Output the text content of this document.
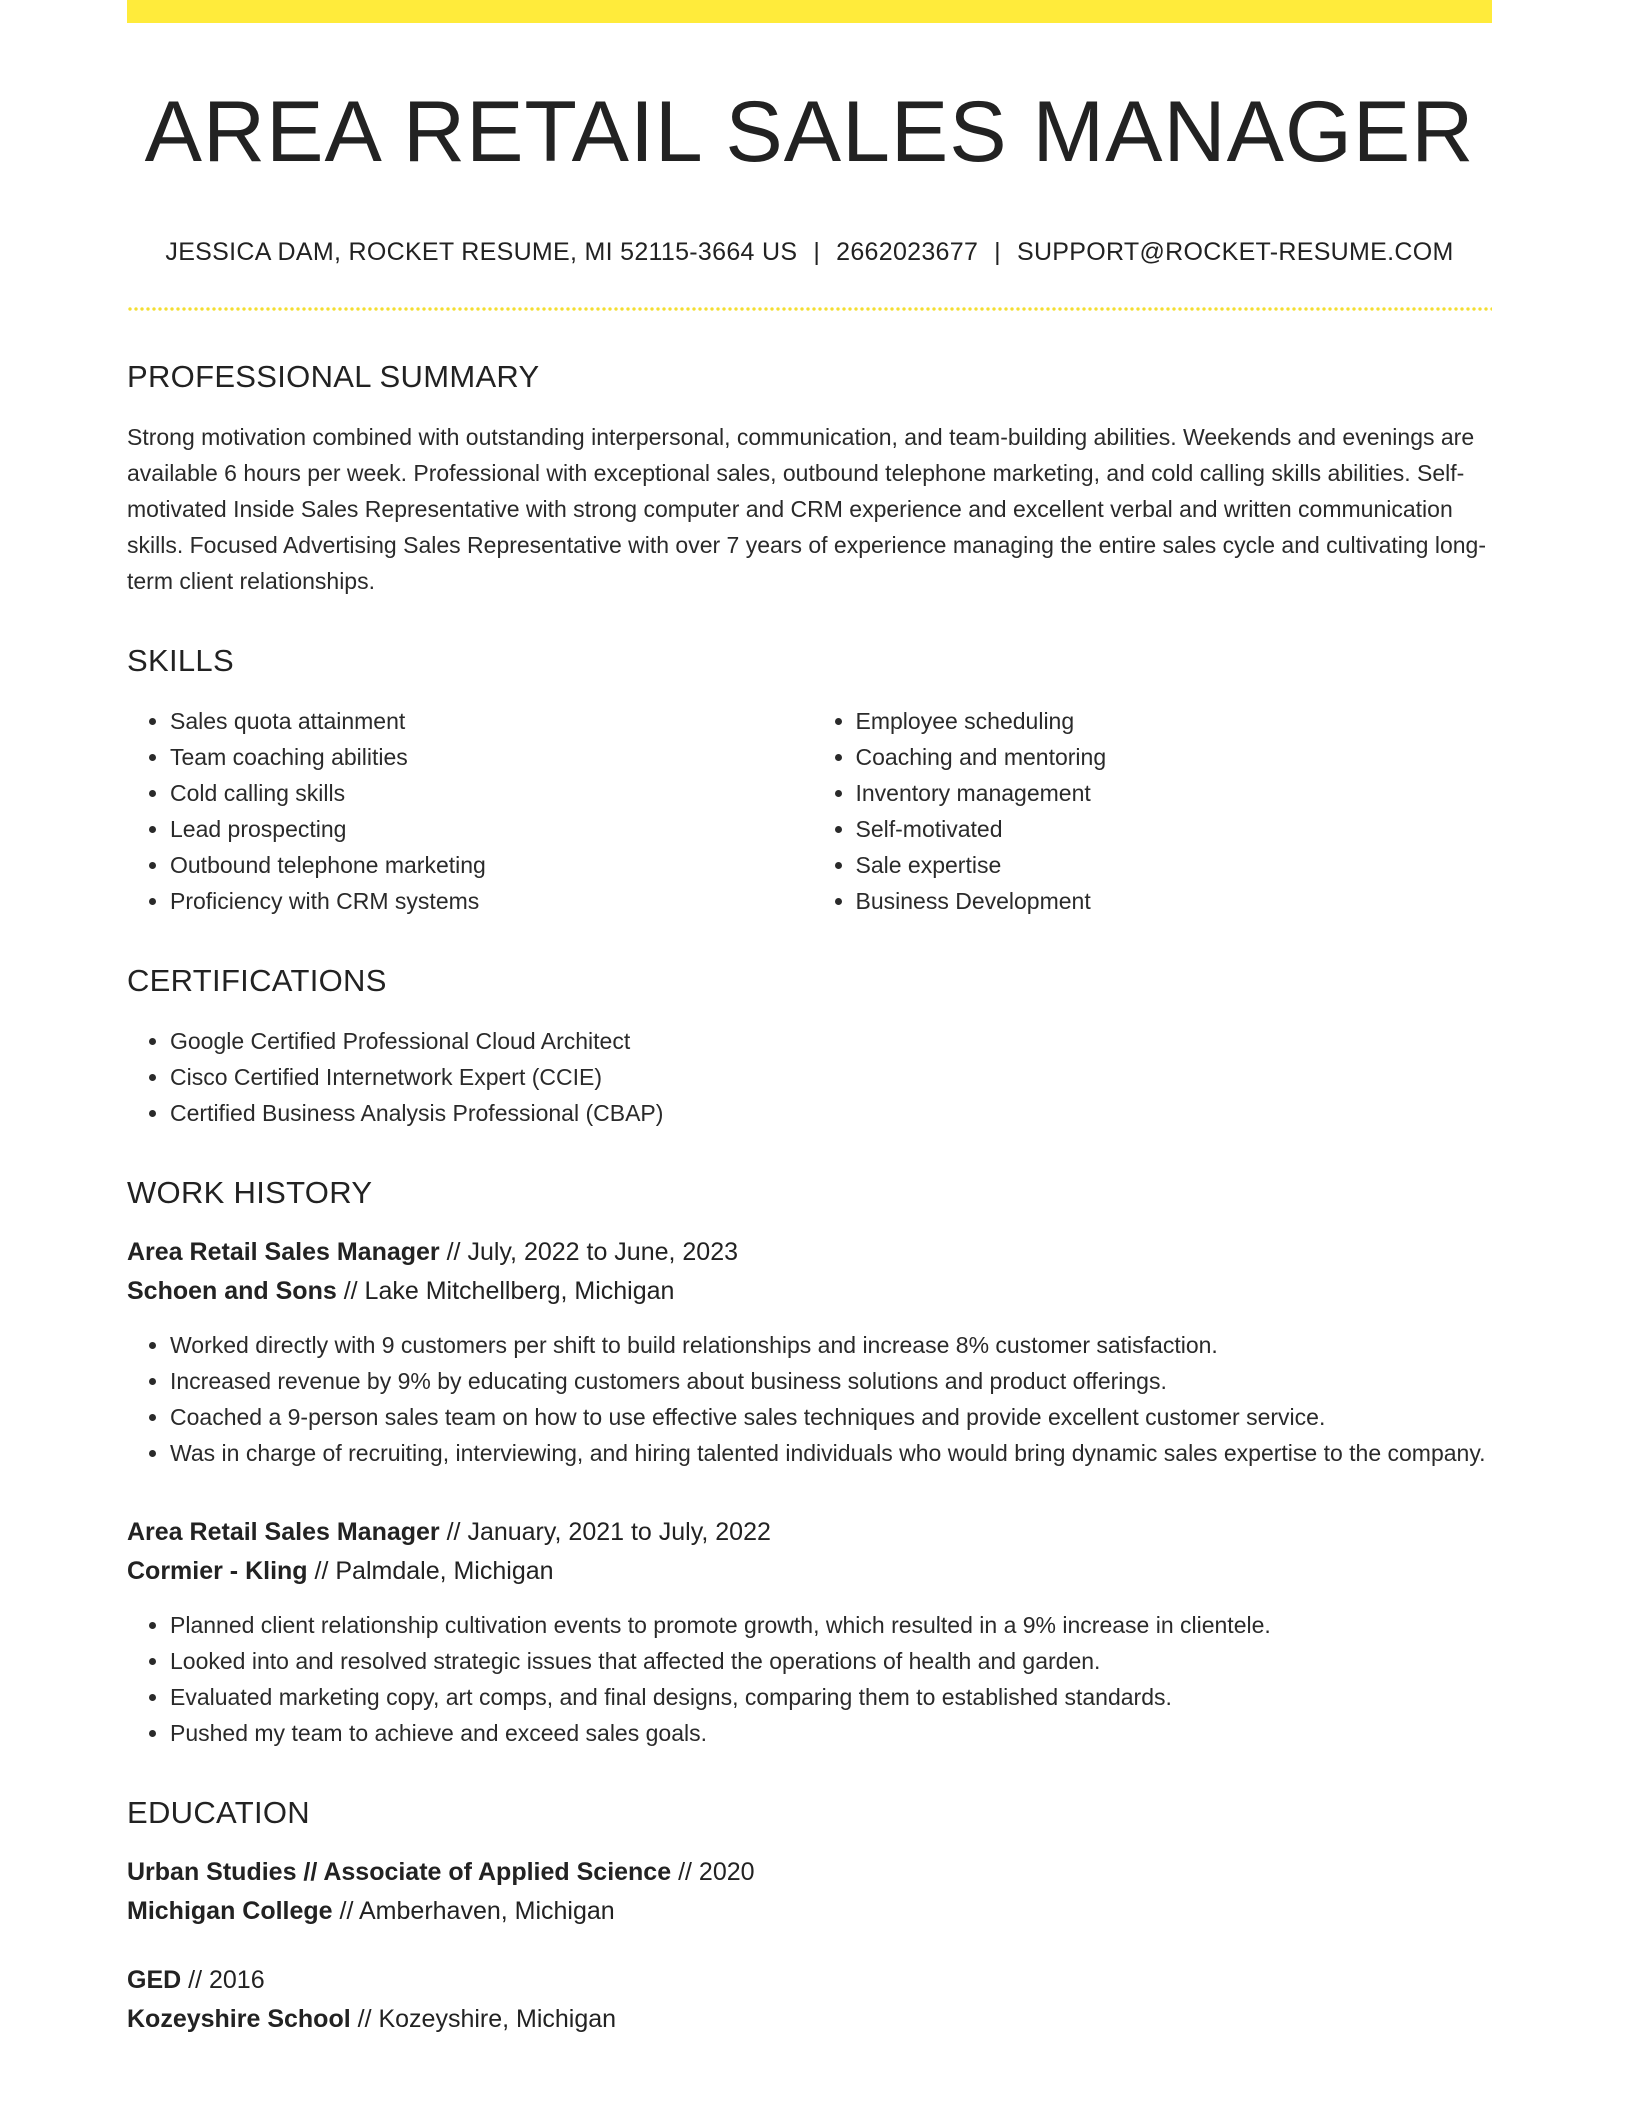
AREA RETAIL SALES MANAGER
JESSICA DAM, ROCKET RESUME, MI 52115-3664 US | 2662023677 | SUPPORT@ROCKET-RESUME.COM
PROFESSIONAL SUMMARY

Strong motivation combined with outstanding interpersonal, communication, and team-building abilities. Weekends and evenings are available 6 hours per week. Professional with exceptional sales, outbound telephone marketing, and cold calling skills abilities. Self-motivated Inside Sales Representative with strong computer and CRM experience and excellent verbal and written communication skills. Focused Advertising Sales Representative with over 7 years of experience managing the entire sales cycle and cultivating long-term client relationships.

SKILLS
• Sales quota attainment
• Team coaching abilities
• Cold calling skills
• Lead prospecting
• Outbound telephone marketing
• Proficiency with CRM systems
• Employee scheduling
• Coaching and mentoring
• Inventory management
• Self-motivated
• Sale expertise
• Business Development
CERTIFICATIONS
• Google Certified Professional Cloud Architect
• Cisco Certified Internetwork Expert (CCIE)
• Certified Business Analysis Professional (CBAP)
WORK HISTORY
Area Retail Sales Manager // July, 2022 to June, 2023
Schoen and Sons // Lake Mitchellberg, Michigan
• Worked directly with 9 customers per shift to build relationships and increase 8% customer satisfaction.
• Increased revenue by 9% by educating customers about business solutions and product offerings.
• Coached a 9-person sales team on how to use effective sales techniques and provide excellent customer service.
• Was in charge of recruiting, interviewing, and hiring talented individuals who would bring dynamic sales expertise to the company.
Area Retail Sales Manager // January, 2021 to July, 2022
Cormier - Kling // Palmdale, Michigan
• Planned client relationship cultivation events to promote growth, which resulted in a 9% increase in clientele.
• Looked into and resolved strategic issues that affected the operations of health and garden.
• Evaluated marketing copy, art comps, and final designs, comparing them to established standards.
• Pushed my team to achieve and exceed sales goals.
EDUCATION
Urban Studies // Associate of Applied Science // 2020
Michigan College // Amberhaven, Michigan
GED // 2016
Kozeyshire School // Kozeyshire, Michigan
